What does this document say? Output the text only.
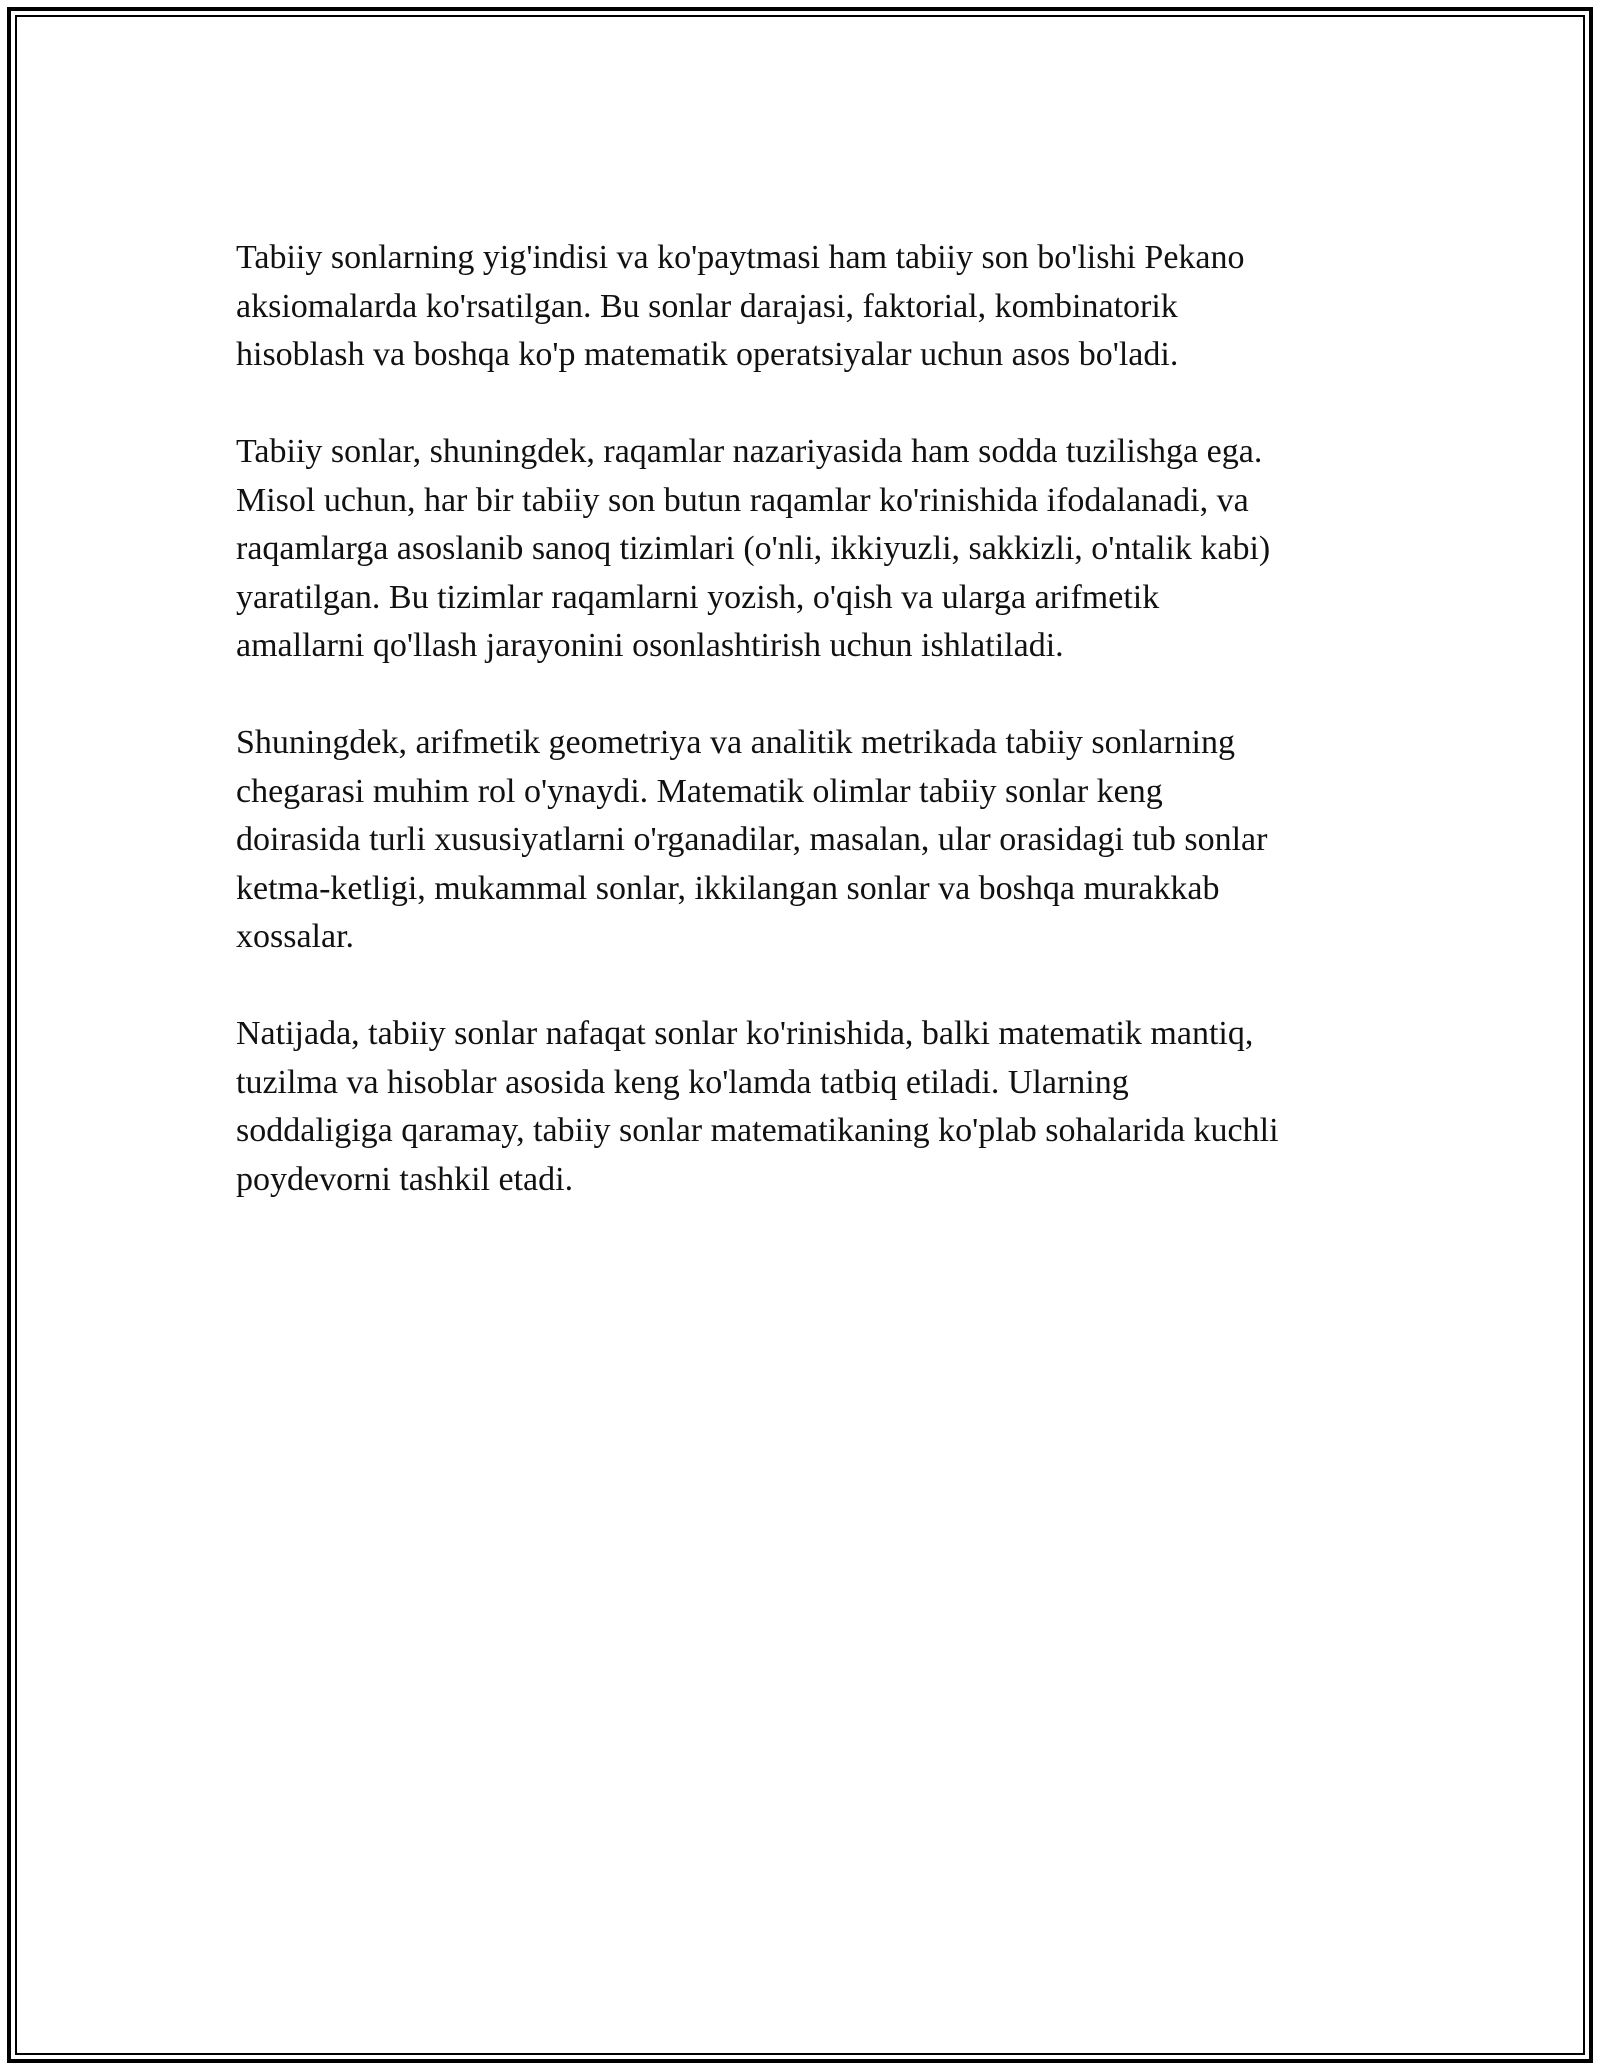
Tabiiy sonlarning yig'indisi va ko'paytmasi ham tabiiy son bo'lishi Pekano
aksiomalarda ko'rsatilgan. Bu sonlar darajasi, faktorial, kombinatorik
hisoblash va boshqa ko'p matematik operatsiyalar uchun asos bo'ladi.

Tabiiy sonlar, shuningdek, raqamlar nazariyasida ham sodda tuzilishga ega.
Misol uchun, har bir tabiiy son butun raqamlar ko'rinishida ifodalanadi, va
raqamlarga asoslanib sanoq tizimlari (o'nli, ikkiyuzli, sakkizli, o'ntalik kabi)
yaratilgan. Bu tizimlar raqamlarni yozish, o'qish va ularga arifmetik
amallarni qo'llash jarayonini osonlashtirish uchun ishlatiladi.

Shuningdek, arifmetik geometriya va analitik metrikada tabiiy sonlarning
chegarasi muhim rol o'ynaydi. Matematik olimlar tabiiy sonlar keng
doirasida turli xususiyatlarni o'rganadilar, masalan, ular orasidagi tub sonlar
ketma-ketligi, mukammal sonlar, ikkilangan sonlar va boshqa murakkab
xossalar.

Natijada, tabiiy sonlar nafaqat sonlar ko'rinishida, balki matematik mantiq,
tuzilma va hisoblar asosida keng ko'lamda tatbiq etiladi. Ularning
soddaligiga qaramay, tabiiy sonlar matematikaning ko'plab sohalarida kuchli
poydevorni tashkil etadi.
